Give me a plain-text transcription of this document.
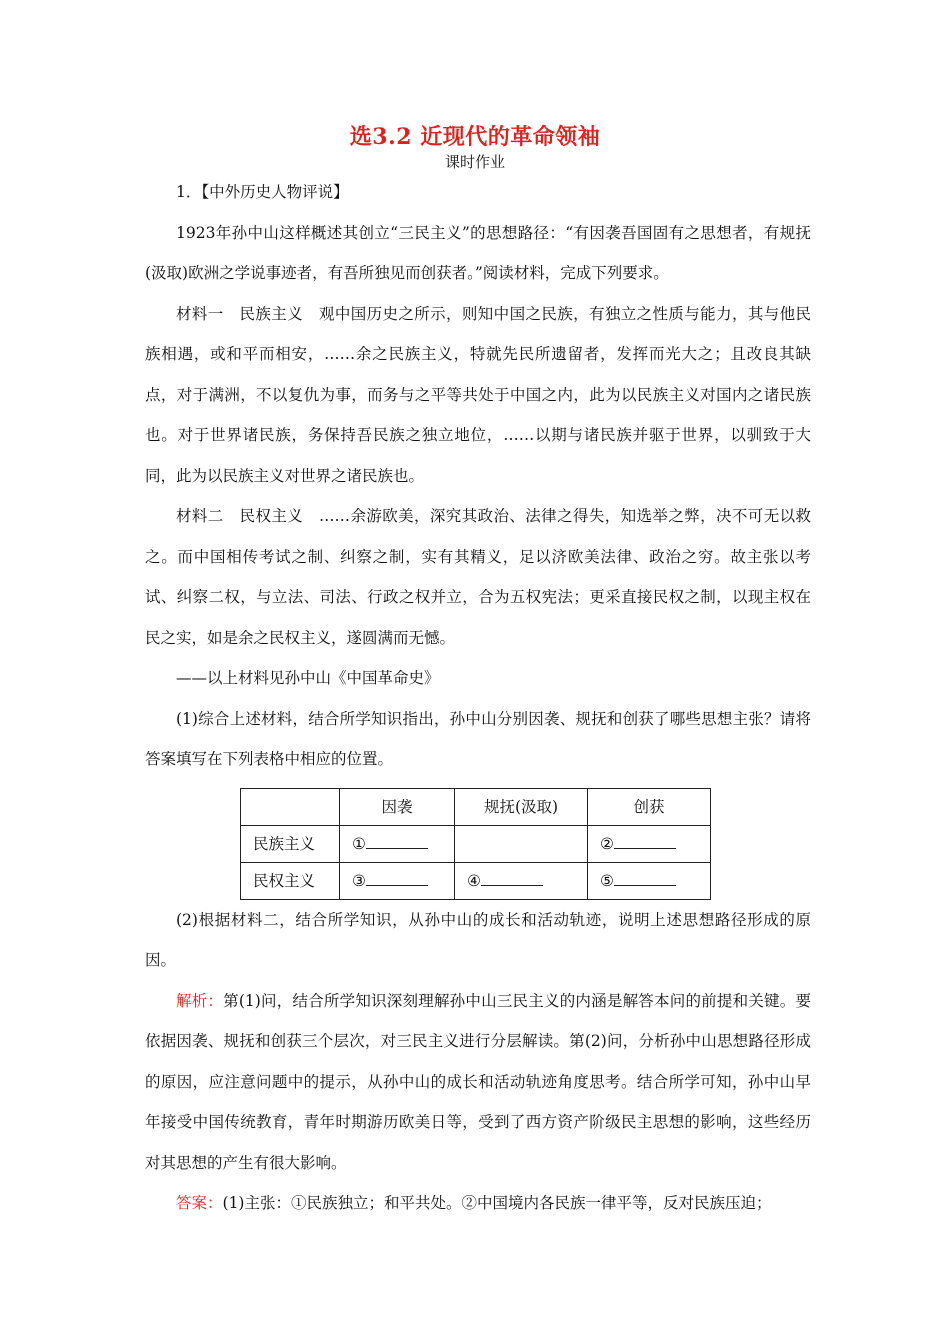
选3.2 近现代的革命领袖
课时作业

1．【中外历史人物评说】

1923年孙中山这样概述其创立“三民主义”的思想路径：“有因袭吾国固有之思想者，有规抚(汲取)欧洲之学说事迹者，有吾所独见而创获者。”阅读材料，完成下列要求。

材料一　民族主义　观中国历史之所示，则知中国之民族，有独立之性质与能力，其与他民族相遇，或和平而相安，……余之民族主义，特就先民所遗留者，发挥而光大之；且改良其缺点，对于满洲，不以复仇为事，而务与之平等共处于中国之内，此为以民族主义对国内之诸民族也。对于世界诸民族，务保持吾民族之独立地位，……以期与诸民族并驱于世界，以驯致于大同，此为以民族主义对世界之诸民族也。

材料二　民权主义　……余游欧美，深究其政治、法律之得失，知选举之弊，决不可无以救之。而中国相传考试之制、纠察之制，实有其精义，足以济欧美法律、政治之穷。故主张以考试、纠察二权，与立法、司法、行政之权并立，合为五权宪法；更采直接民权之制，以现主权在民之实，如是余之民权主义，遂圆满而无憾。

——以上材料见孙中山《中国革命史》

(1)综合上述材料，结合所学知识指出，孙中山分别因袭、规抚和创获了哪些思想主张？请将答案填写在下列表格中相应的位置。

	因袭	规抚(汲取)	创获
民族主义	①		②
民权主义	③	④	⑤

(2)根据材料二，结合所学知识，从孙中山的成长和活动轨迹，说明上述思想路径形成的原因。

解析：第(1)问，结合所学知识深刻理解孙中山三民主义的内涵是解答本问的前提和关键。要依据因袭、规抚和创获三个层次，对三民主义进行分层解读。第(2)问，分析孙中山思想路径形成的原因，应注意问题中的提示，从孙中山的成长和活动轨迹角度思考。结合所学可知，孙中山早年接受中国传统教育，青年时期游历欧美日等，受到了西方资产阶级民主思想的影响，这些经历对其思想的产生有很大影响。

答案：(1)主张：①民族独立；和平共处。②中国境内各民族一律平等，反对民族压迫；
